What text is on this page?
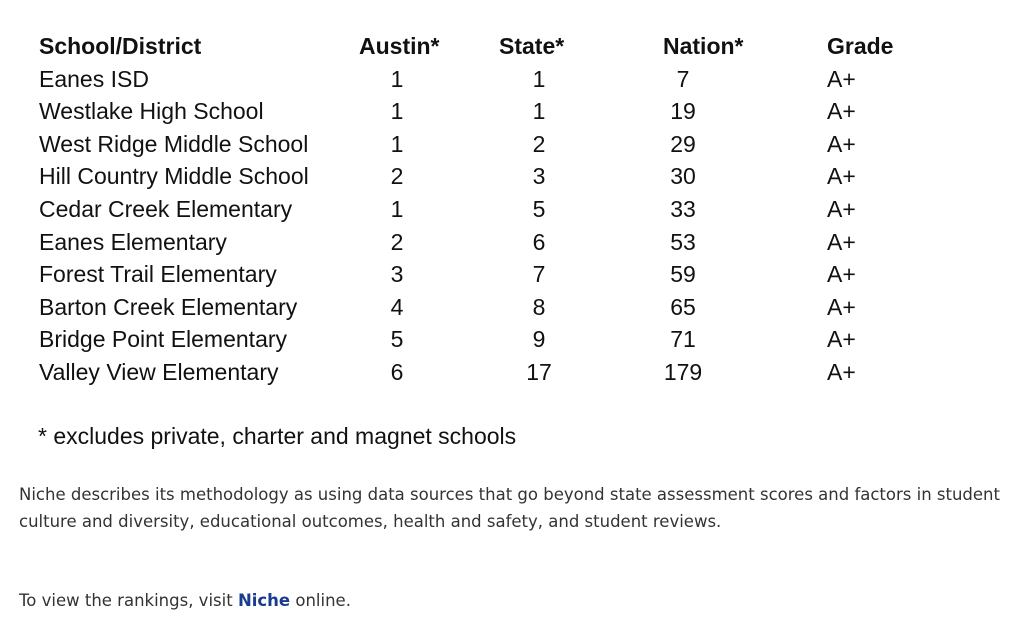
School/District	Austin*	State*	Nation*	Grade
Eanes ISD	1	1	7	A+
Westlake High School	1	1	19	A+
West Ridge Middle School	1	2	29	A+
Hill Country Middle School	2	3	30	A+
Cedar Creek Elementary	1	5	33	A+
Eanes Elementary	2	6	53	A+
Forest Trail Elementary	3	7	59	A+
Barton Creek Elementary	4	8	65	A+
Bridge Point Elementary	5	9	71	A+
Valley View Elementary	6	17	179	A+
* excludes private, charter and magnet schools

Niche describes its methodology as using data sources that go beyond state assessment scores and factors in student culture and diversity, educational outcomes, health and safety, and student reviews.

To view the rankings, visit Niche online.
